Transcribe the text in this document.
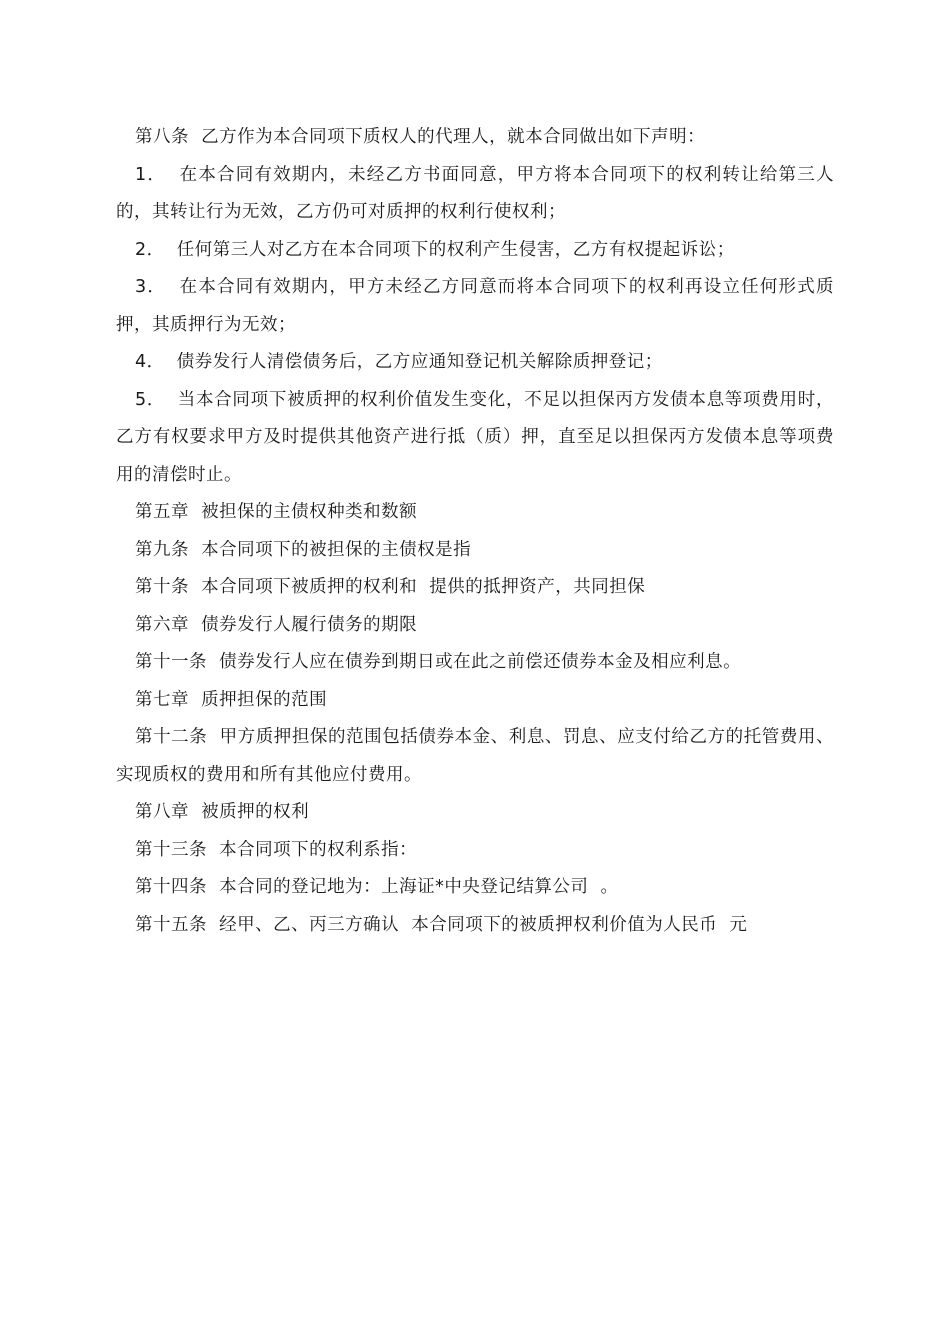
第八条  乙方作为本合同项下质权人的代理人，就本合同做出如下声明：

1．  在本合同有效期内，未经乙方书面同意，甲方将本合同项下的权利转让给第三人的，其转让行为无效，乙方仍可对质押的权利行使权利；

2．  任何第三人对乙方在本合同项下的权利产生侵害，乙方有权提起诉讼；

3．  在本合同有效期内，甲方未经乙方同意而将本合同项下的权利再设立任何形式质押，其质押行为无效；

4．  债券发行人清偿债务后，乙方应通知登记机关解除质押登记；

5．  当本合同项下被质押的权利价值发生变化，不足以担保丙方发债本息等项费用时，乙方有权要求甲方及时提供其他资产进行抵（质）押，直至足以担保丙方发债本息等项费用的清偿时止。

第五章  被担保的主债权种类和数额

第九条  本合同项下的被担保的主债权是指

第十条  本合同项下被质押的权利和  提供的抵押资产，共同担保

第六章  债券发行人履行债务的期限

第十一条  债券发行人应在债券到期日或在此之前偿还债券本金及相应利息。

第七章  质押担保的范围

第十二条  甲方质押担保的范围包括债券本金、利息、罚息、应支付给乙方的托管费用、实现质权的费用和所有其他应付费用。

第八章  被质押的权利

第十三条  本合同项下的权利系指：

第十四条  本合同的登记地为：上海证*中央登记结算公司  。

第十五条  经甲、乙、丙三方确认  本合同项下的被质押权利价值为人民币  元
